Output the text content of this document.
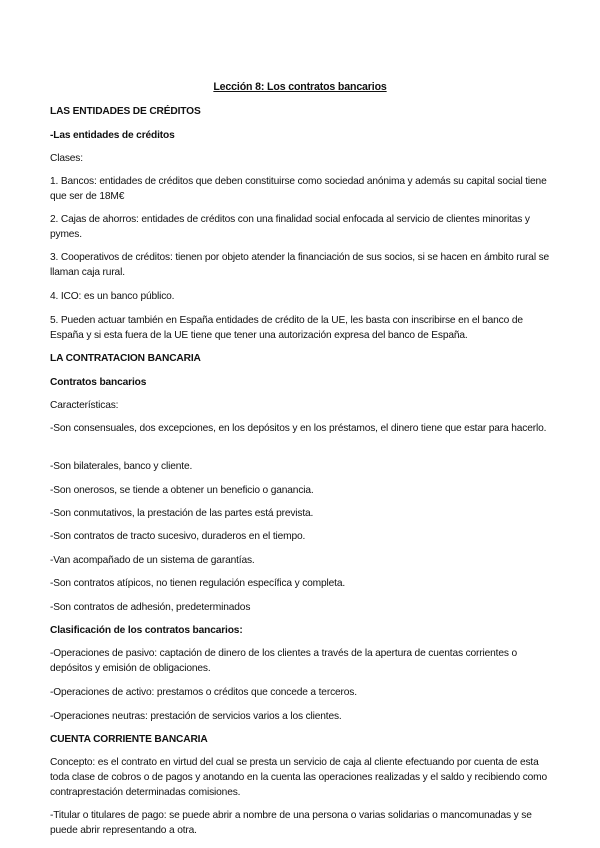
Lección 8: Los contratos bancarios

LAS ENTIDADES DE CRÉDITOS

-Las entidades de créditos

Clases:

1. Bancos: entidades de créditos que deben constituirse como sociedad anónima y además su capital social tiene que ser de 18M€

2. Cajas de ahorros: entidades de créditos con una finalidad social enfocada al servicio de clientes minoritas y pymes.

3. Cooperativos de créditos: tienen por objeto atender la financiación de sus socios, si se hacen en ámbito rural se llaman caja rural.

4. ICO: es un banco público.

5. Pueden actuar también en España entidades de crédito de la UE, les basta con inscribirse en el banco de España y si esta fuera de la UE tiene que tener una autorización expresa del banco de España.

LA CONTRATACION BANCARIA

Contratos bancarios

Características:

-Son consensuales, dos excepciones, en los depósitos y en los préstamos, el dinero tiene que estar para hacerlo.

-Son bilaterales, banco y cliente.

-Son onerosos, se tiende a obtener un beneficio o ganancia.

-Son conmutativos, la prestación de las partes está prevista.

-Son contratos de tracto sucesivo, duraderos en el tiempo.

-Van acompañado de un sistema de garantías.

-Son contratos atípicos, no tienen regulación específica y completa.

-Son contratos de adhesión, predeterminados

Clasificación de los contratos bancarios:

-Operaciones de pasivo: captación de dinero de los clientes a través de la apertura de cuentas corrientes o depósitos y emisión de obligaciones.

-Operaciones de activo: prestamos o créditos que concede a terceros.

-Operaciones neutras: prestación de servicios varios a los clientes.

CUENTA CORRIENTE BANCARIA

Concepto: es el contrato en virtud del cual se presta un servicio de caja al cliente efectuando por cuenta de esta toda clase de cobros o de pagos y anotando en la cuenta las operaciones realizadas y el saldo y recibiendo como contraprestación determinadas comisiones.

-Titular o titulares de pago: se puede abrir a nombre de una persona o varias solidarias o mancomunadas y se puede abrir representando a otra.
